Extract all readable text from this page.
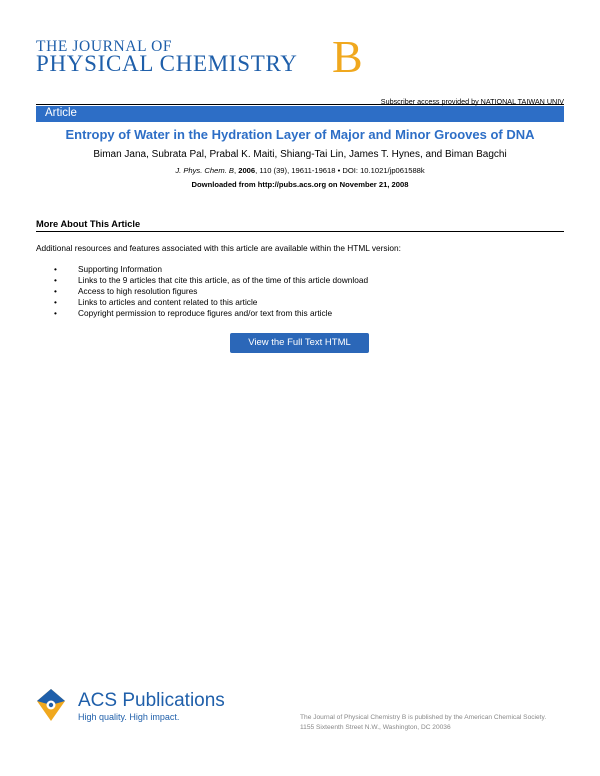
THE JOURNAL OF
PHYSICAL CHEMISTRY B
Subscriber access provided by NATIONAL TAIWAN UNIV
Article
Entropy of Water in the Hydration Layer of Major and Minor Grooves of DNA
Biman Jana, Subrata Pal, Prabal K. Maiti, Shiang-Tai Lin, James T. Hynes, and Biman Bagchi
J. Phys. Chem. B, 2006, 110 (39), 19611-19618 • DOI: 10.1021/jp061588k
Downloaded from http://pubs.acs.org on November 21, 2008
More About This Article
Additional resources and features associated with this article are available within the HTML version:
•	Supporting Information
•	Links to the 9 articles that cite this article, as of the time of this article download
•	Access to high resolution figures
•	Links to articles and content related to this article
•	Copyright permission to reproduce figures and/or text from this article
View the Full Text HTML
ACS Publications
High quality. High impact.	The Journal of Physical Chemistry B is published by the American Chemical Society.
1155 Sixteenth Street N.W., Washington, DC 20036
